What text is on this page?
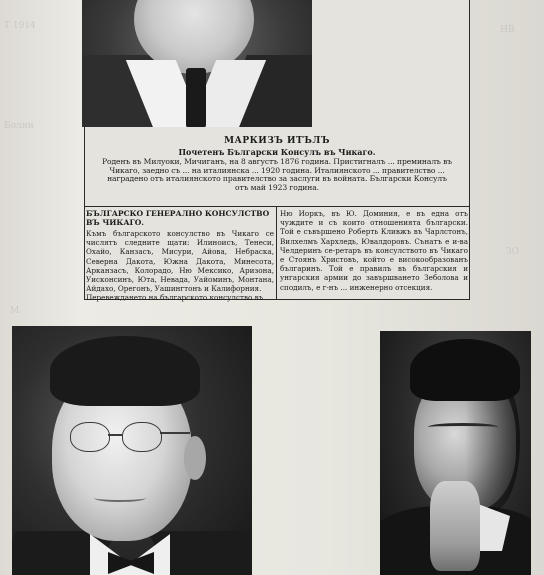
Т 1914
Болни
HB
ЗО
M
МАРКИЗЪ ИТЪЛЪ
Почетенъ Български Консулъ въ Чикаго.
Роденъ въ Милуоки, Мичиганъ, на 8 августъ 1876 година. Пристигналъ ... преминалъ въ Чикаго, заедно съ ... на италиянска ... 1920 година. Италиянското ... правителство ... наградено отъ италиянското правителство за заслуги въ войната. Български Консулъ отъ май 1923 година.
БЪЛГАРСКО ГЕНЕРАЛНО КОНСУЛСТВО ВЪ ЧИКАГО.
Къмъ българското консулство въ Чикаго се числятъ следните щати: Илиноисъ, Тенеси, Охайо, Канзасъ, Мисури, Айова, Небраска, Северна Дакота, Южна Дакота, Минесота, Арканзасъ, Колорадо, Ню Мексико, Аризона, Уисконсинъ, Юта, Невада, Уайоминъ, Монтана, Айдахо, Орегонъ, Уашингтонъ и Калифорния.
Перевеждането на българското консулство въ
Ню Иоркъ, въ Ю. Доминия, е въ една отъ чуждите и съ които отношенията български. Той е съвършено Роберть Кливжъ въ Чарлстонъ, Вилхелмъ Хархледь, Ювалдоровъ. Сънатъ е и-ва Челдеринъ се-ретаръ въ консулството въ Чикаго е Стоянъ Христовъ, който е високообразованъ българинъ. Той е правилъ въ българския и унгарския армии до завършването Зеболова и сподилъ, е г-нъ ... инженерно отсекция.
